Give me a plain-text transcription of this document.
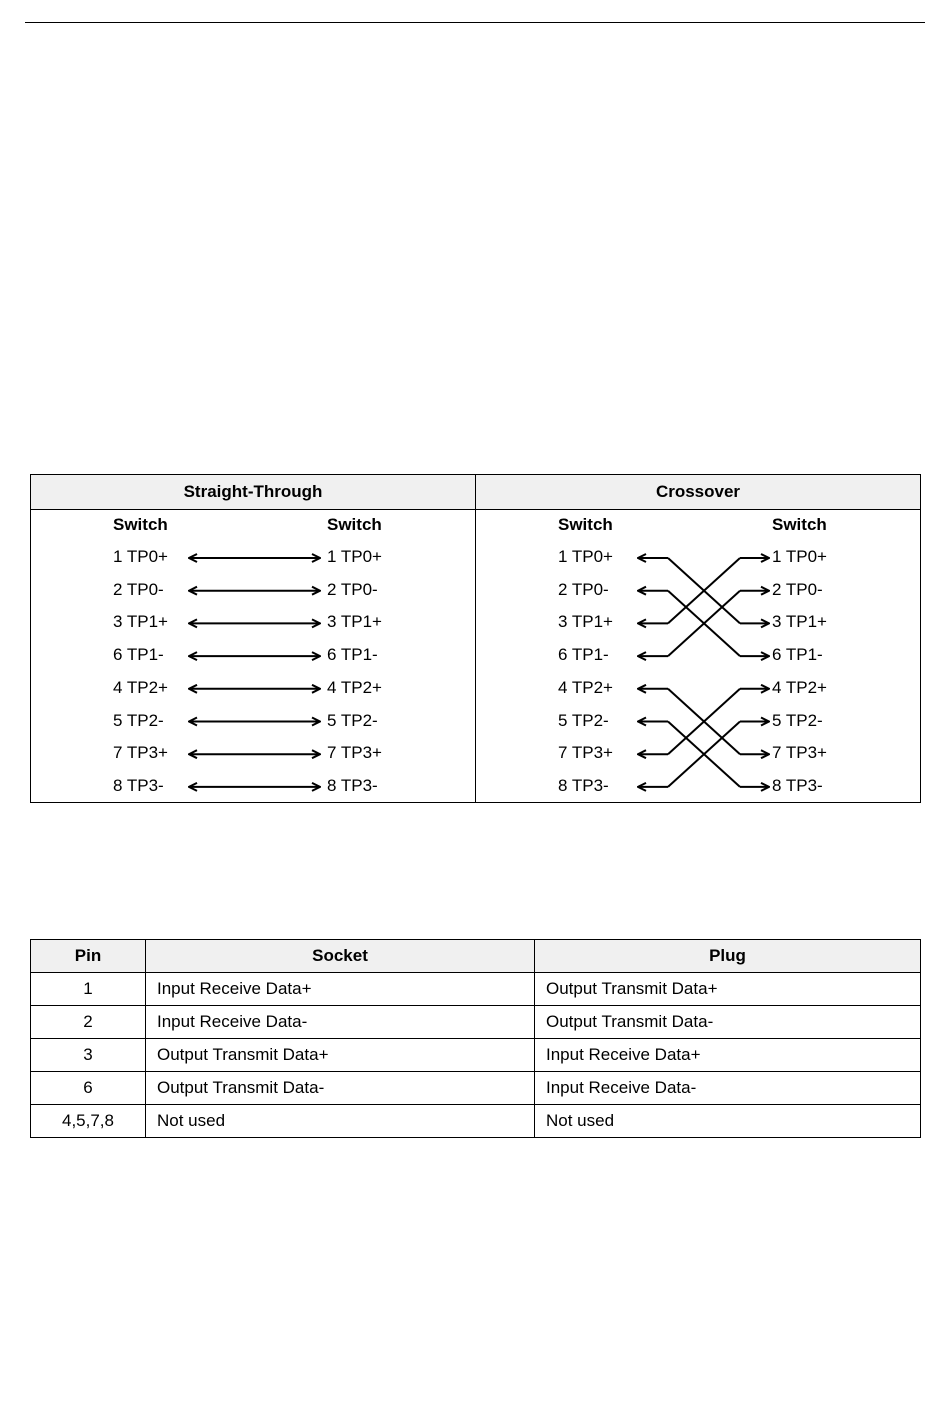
Straight-Through	Crossover
Switch	Switch	Switch	Switch
1 TP0+	1 TP0+	1 TP0+	1 TP0+
2 TP0-	2 TP0-	2 TP0-	2 TP0-
3 TP1+	3 TP1+	3 TP1+	3 TP1+
6 TP1-	6 TP1-	6 TP1-	6 TP1-
4 TP2+	4 TP2+	4 TP2+	4 TP2+
5 TP2-	5 TP2-	5 TP2-	5 TP2-
7 TP3+	7 TP3+	7 TP3+	7 TP3+
8 TP3-	8 TP3-	8 TP3-	8 TP3-
Pin	Socket	Plug
1	Input Receive Data+	Output Transmit Data+
2	Input Receive Data-	Output Transmit Data-
3	Output Transmit Data+	Input Receive Data+
6	Output Transmit Data-	Input Receive Data-
4,5,7,8	Not used	Not used
